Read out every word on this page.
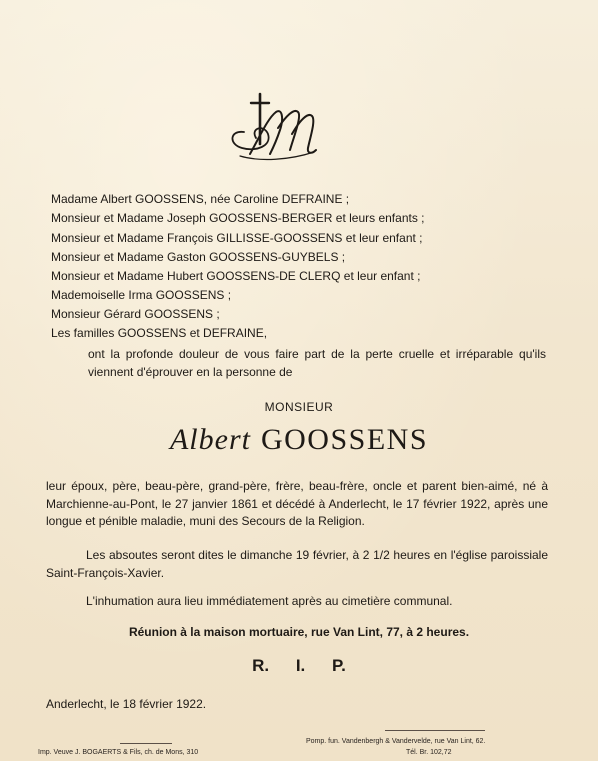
Madame Albert GOOSSENS, née Caroline DEFRAINE ;
Monsieur et Madame Joseph GOOSSENS-BERGER et leurs enfants ;
Monsieur et Madame François GILLISSE-GOOSSENS et leur enfant ;
Monsieur et Madame Gaston GOOSSENS-GUYBELS ;
Monsieur et Madame Hubert GOOSSENS-DE CLERQ et leur enfant ;
Mademoiselle Irma GOOSSENS ;
Monsieur Gérard GOOSSENS ;
Les familles GOOSSENS et DEFRAINE,
ont la profonde douleur de vous faire part de la perte cruelle et irréparable qu'ils viennent d'éprouver en la personne de
MONSIEUR
Albert GOOSSENS
leur époux, père, beau-père, grand-père, frère, beau-frère, oncle et parent bien-aimé, né à Marchienne-au-Pont, le 27 janvier 1861 et décédé à Anderlecht, le 17 février 1922, après une longue et pénible maladie, muni des Secours de la Religion.
Les absoutes seront dites le dimanche 19 février, à 2 1/2 heures en l'église paroissiale Saint-François-Xavier.
L'inhumation aura lieu immédiatement après au cimetière communal.
Réunion à la maison mortuaire, rue Van Lint, 77, à 2 heures.
R. I. P.
Anderlecht, le 18 février 1922.
Imp. Veuve J. BOGAERTS & Fils, ch. de Mons, 310
Pomp. fun. Vandenbergh & Vandervelde, rue Van Lint, 62.
Tél. Br. 102,72
